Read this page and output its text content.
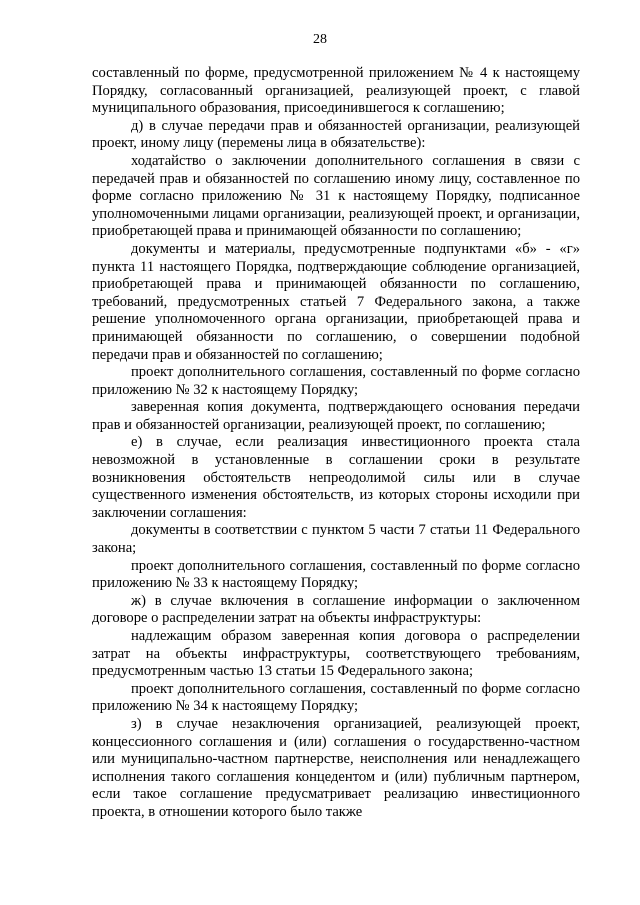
28

составленный по форме, предусмотренной приложением № 4 к настоящему Порядку, согласованный организацией, реализующей проект, с главой муниципального образования, присоединившегося к соглашению;

д) в случае передачи прав и обязанностей организации, реализующей проект, иному лицу (перемены лица в обязательстве):

ходатайство о заключении дополнительного соглашения в связи с передачей прав и обязанностей по соглашению иному лицу, составленное по форме согласно приложению № 31 к настоящему Порядку, подписанное уполномоченными лицами организации, реализующей проект, и организации, приобретающей права и принимающей обязанности по соглашению;

документы и материалы, предусмотренные подпунктами «б» - «г» пункта 11 настоящего Порядка, подтверждающие соблюдение организацией, приобретающей права и принимающей обязанности по соглашению, требований, предусмотренных статьей 7 Федерального закона, а также решение уполномоченного органа организации, приобретающей права и принимающей обязанности по соглашению, о совершении подобной передачи прав и обязанностей по соглашению;

проект дополнительного соглашения, составленный по форме согласно приложению № 32 к настоящему Порядку;

заверенная копия документа, подтверждающего основания передачи прав и обязанностей организации, реализующей проект, по соглашению;

е) в случае, если реализация инвестиционного проекта стала невозможной в установленные в соглашении сроки в результате возникновения обстоятельств непреодолимой силы или в случае существенного изменения обстоятельств, из которых стороны исходили при заключении соглашения:

документы в соответствии с пунктом 5 части 7 статьи 11 Федерального закона;

проект дополнительного соглашения, составленный по форме согласно приложению № 33 к настоящему Порядку;

ж) в случае включения в соглашение информации о заключенном договоре о распределении затрат на объекты инфраструктуры:

надлежащим образом заверенная копия договора о распределении затрат на объекты инфраструктуры, соответствующего требованиям, предусмотренным частью 13 статьи 15 Федерального закона;

проект дополнительного соглашения, составленный по форме согласно приложению № 34 к настоящему Порядку;

з) в случае незаключения организацией, реализующей проект, концессионного соглашения и (или) соглашения о государственно-частном или муниципально-частном партнерстве, неисполнения или ненадлежащего исполнения такого соглашения концедентом и (или) публичным партнером, если такое соглашение предусматривает реализацию инвестиционного проекта, в отношении которого было также
